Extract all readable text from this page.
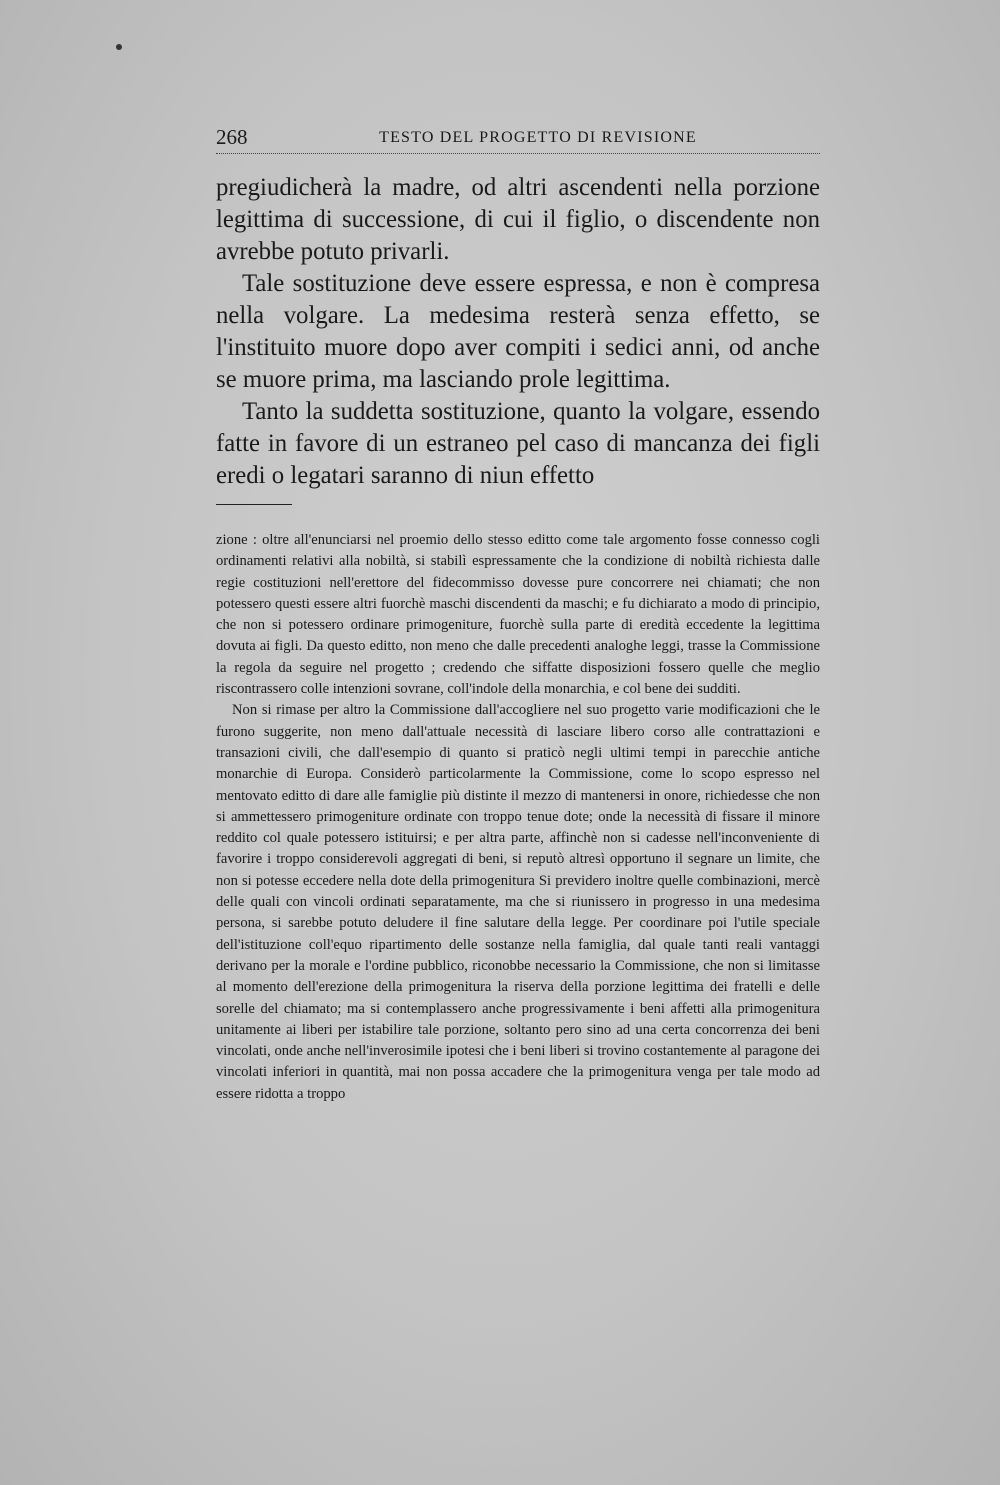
268	TESTO DEL PROGETTO DI REVISIONE

pregiudicherà la madre, od altri ascendenti nella porzione legittima di successione, di cui il figlio, o discendente non avrebbe potuto privarli.

Tale sostituzione deve essere espressa, e non è compresa nella volgare. La medesima resterà senza effetto, se l'instituito muore dopo aver compiti i sedici anni, od anche se muore prima, ma lasciando prole legittima.

Tanto la suddetta sostituzione, quanto la volgare, essendo fatte in favore di un estraneo pel caso di mancanza dei figli eredi o legatari saranno di niun effetto

zione : oltre all'enunciarsi nel proemio dello stesso editto come tale argomento fosse connesso cogli ordinamenti relativi alla nobiltà, si stabilì espressamente che la condizione di nobiltà richiesta dalle regie costituzioni nell'erettore del fidecommisso dovesse pure concorrere nei chiamati; che non potessero questi essere altri fuorchè maschi discendenti da maschi; e fu dichiarato a modo di principio, che non si potessero ordinare primogeniture, fuorchè sulla parte di eredità eccedente la legittima dovuta ai figli. Da questo editto, non meno che dalle precedenti analoghe leggi, trasse la Commissione la regola da seguire nel progetto ; credendo che siffatte disposizioni fossero quelle che meglio riscontrassero colle intenzioni sovrane, coll'indole della monarchia, e col bene dei sudditi.

Non si rimase per altro la Commissione dall'accogliere nel suo progetto varie modificazioni che le furono suggerite, non meno dall'attuale necessità di lasciare libero corso alle contrattazioni e transazioni civili, che dall'esempio di quanto si praticò negli ultimi tempi in parecchie antiche monarchie di Europa. Considerò particolarmente la Commissione, come lo scopo espresso nel mentovato editto di dare alle famiglie più distinte il mezzo di mantenersi in onore, richiedesse che non si ammettessero primogeniture ordinate con troppo tenue dote; onde la necessità di fissare il minore reddito col quale potessero istituirsi; e per altra parte, affinchè non si cadesse nell'inconveniente di favorire i troppo considerevoli aggregati di beni, si reputò altresì opportuno il segnare un limite, che non si potesse eccedere nella dote della primogenitura Si previdero inoltre quelle combinazioni, mercè delle quali con vincoli ordinati separatamente, ma che si riunissero in progresso in una medesima persona, si sarebbe potuto deludere il fine salutare della legge. Per coordinare poi l'utile speciale dell'istituzione coll'equo ripartimento delle sostanze nella famiglia, dal quale tanti reali vantaggi derivano per la morale e l'ordine pubblico, riconobbe necessario la Commissione, che non si limitasse al momento dell'erezione della primogenitura la riserva della porzione legittima dei fratelli e delle sorelle del chiamato; ma si contemplassero anche progressivamente i beni affetti alla primogenitura unitamente ai liberi per istabilire tale porzione, soltanto pero sino ad una certa concorrenza dei beni vincolati, onde anche nell'inverosimile ipotesi che i beni liberi si trovino costantemente al paragone dei vincolati inferiori in quantità, mai non possa accadere che la primogenitura venga per tale modo ad essere ridotta a troppo
